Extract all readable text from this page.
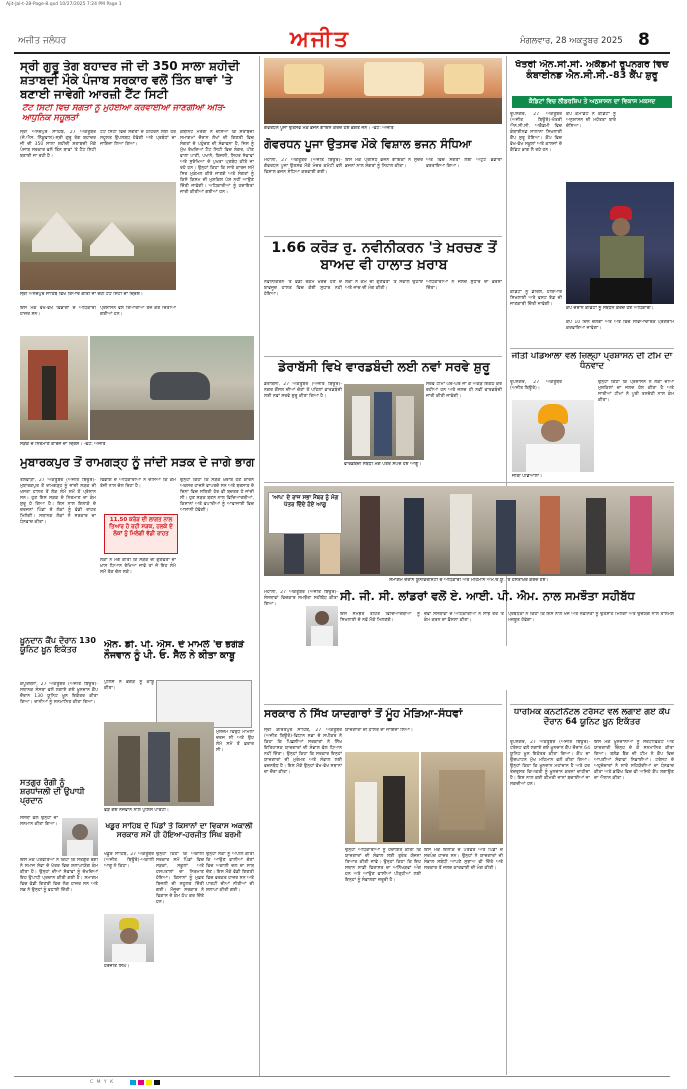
Ajit-Jal-t-28-Page-8.qxd 10/27/2025 7:24 PM Page 1
ਅਜੀਤ ਜਲੰਧਰ	ਅਜੀਤ	ਮੰਗਲਵਾਰ, 28 ਅਕਤੂਬਰ 2025 8
ਸ੍ਰੀ ਗੁਰੂ ਤੇਗ ਬਹਾਦਰ ਜੀ ਦੀ 350 ਸਾਲਾ ਸ਼ਹੀਦੀ ਸ਼ਤਾਬਦੀ ਮੌਕੇ ਪੰਜਾਬ ਸਰਕਾਰ ਵਲੋਂ ਤਿੰਨ ਥਾਵਾਂ 'ਤੇ ਬਣਾਈ ਜਾਵੇਗੀ ਆਰਜ਼ੀ ਟੈਂਟ ਸਿਟੀ
ਟੈਂਟ ਸਿਟੀ ਵਿਚ ਸੰਗਤਾਂ ਨੂੰ ਮੁਹੱਈਆ ਕਰਵਾਈਆਂ ਜਾਣਗੀਆਂ ਅਤਿ-ਆਧੁਨਿਕ ਸਹੂਲਤਾਂ
ਸ੍ਰੀ ਅਨੰਦਪੁਰ ਸਾਹਿਬ, 27 ਅਕਤੂਬਰ (ਜੇ.ਐਸ. ਨਿੱਕੂਵਾਲ)-ਸ੍ਰੀ ਗੁਰੂ ਤੇਗ ਬਹਾਦਰ ਜੀ ਦੀ 350 ਸਾਲਾ ਸ਼ਹੀਦੀ ਸ਼ਤਾਬਦੀ ਮੌਕੇ ਪੰਜਾਬ ਸਰਕਾਰ ਵਲੋਂ ਤਿੰਨ ਥਾਵਾਂ 'ਤੇ ਟੈਂਟ ਸਿਟੀ ਬਣਾਈ ਜਾ ਰਹੀ ਹੈ।
ਟੈਂਟ ਸਿਟੀ ਵਿਚ ਸੰਗਤਾਂ ਦੇ ਠਹਿਰਨ ਲਈ ਹਰ ਸਹੂਲਤ ਉਪਲਬਧ ਹੋਵੇਗੀ ਅਤੇ ਪ੍ਰਬੰਧਾਂ ਦਾ ਜਾਇਜ਼ਾ ਲਿਆ ਗਿਆ।
ਕੈਬਨਿਟ ਮੰਤਰੀ ਨੇ ਦੱਸਿਆ ਕਿ ਸ਼ਤਾਬਦੀ ਸਮਾਗਮਾਂ ਦੌਰਾਨ ਲੱਖਾਂ ਦੀ ਗਿਣਤੀ ਵਿਚ ਸੰਗਤਾਂ ਦੇ ਪਹੁੰਚਣ ਦੀ ਸੰਭਾਵਨਾ ਹੈ, ਜਿਸ ਨੂੰ ਮੁੱਖ ਰੱਖਦਿਆਂ ਟੈਂਟ ਸਿਟੀ ਵਿਚ ਲੰਗਰ, ਪੀਣ ਵਾਲਾ ਪਾਣੀ, ਪਖਾਨੇ, ਬਿਜਲੀ, ਸਿਹਤ ਸੇਵਾਵਾਂ ਅਤੇ ਸੁਰੱਖਿਆ ਦੇ ਪੁਖਤਾ ਪ੍ਰਬੰਧ ਕੀਤੇ ਜਾ ਰਹੇ ਹਨ। ਉਨ੍ਹਾਂ ਕਿਹਾ ਕਿ ਸਾਰੇ ਕਾਰਜ ਸਮੇਂ ਸਿਰ ਮੁਕੰਮਲ ਕੀਤੇ ਜਾਣਗੇ ਅਤੇ ਸੰਗਤਾਂ ਨੂੰ ਕਿਸੇ ਕਿਸਮ ਦੀ ਮੁਸ਼ਕਿਲ ਪੇਸ਼ ਨਹੀਂ ਆਉਣ ਦਿੱਤੀ ਜਾਵੇਗੀ। ਅਧਿਕਾਰੀਆਂ ਨੂੰ ਹਦਾਇਤਾਂ ਜਾਰੀ ਕੀਤੀਆਂ ਗਈਆਂ ਹਨ।
ਸ੍ਰੀ ਅਨੰਦਪੁਰ ਸਾਹਿਬ ਵਿਖੇ ਤਿਆਰ ਕੀਤੀ ਜਾ ਰਹੀ ਟੈਂਟ ਸਿਟੀ ਦਾ ਦ੍ਰਿਸ਼।
ਇਸ ਮੌਕੇ ਵੱਖ-ਵੱਖ ਵਿਭਾਗਾਂ ਦੇ ਅਧਿਕਾਰੀ ਹਾਜ਼ਰ ਸਨ।
ਪ੍ਰਸ਼ਾਸਨ ਵਲੋਂ ਤਿਆਰੀਆਂ ਤੇਜ਼ ਕਰ ਦਿੱਤੀਆਂ ਗਈਆਂ ਹਨ।
ਸੜਕ ਦੇ ਨਿਰਮਾਣ ਕਾਰਜ ਦਾ ਦ੍ਰਿਸ਼। -ਫੋਟੋ: ਅਜੀਤ
ਮੁਬਾਰਕਪੁਰ ਤੋਂ ਰਾਮਗੜ੍ਹ ਨੂੰ ਜਾਂਦੀ ਸੜਕ ਦੇ ਜਾਗੇ ਭਾਗ
ਤਲਵਾੜਾ, 27 ਅਕਤੂਬਰ (ਅਜੀਤ ਬਿਊਰੋ)-ਮੁਬਾਰਕਪੁਰ ਤੋਂ ਰਾਮਗੜ੍ਹ ਨੂੰ ਜਾਂਦੀ ਸੜਕ ਦੀ ਖਸਤਾ ਹਾਲਤ ਤੋਂ ਲੋਕ ਲੰਮੇ ਸਮੇਂ ਤੋਂ ਪ੍ਰੇਸ਼ਾਨ ਸਨ। ਹੁਣ ਇਸ ਸੜਕ ਦੇ ਨਿਰਮਾਣ ਦਾ ਕੰਮ ਸ਼ੁਰੂ ਹੋ ਗਿਆ ਹੈ। ਇਸ ਨਾਲ ਇਲਾਕੇ ਦੇ ਦਰਜਨਾਂ ਪਿੰਡਾਂ ਦੇ ਲੋਕਾਂ ਨੂੰ ਵੱਡੀ ਰਾਹਤ ਮਿਲੇਗੀ। ਸਥਾਨਕ ਲੋਕਾਂ ਨੇ ਸਰਕਾਰ ਦਾ ਧੰਨਵਾਦ ਕੀਤਾ।
ਵਿਭਾਗ ਦੇ ਅਧਿਕਾਰੀਆਂ ਨੇ ਦੱਸਿਆ ਕਿ ਕੰਮ ਤੇਜ਼ੀ ਨਾਲ ਚੱਲ ਰਿਹਾ ਹੈ।
11.50 ਕਰੋੜ ਦੀ ਲਾਗਤ ਨਾਲ ਤਿਆਰ ਹੋ ਰਹੀ ਸੜਕ, ਹਲਕੇ ਦੇ ਲੋਕਾਂ ਨੂੰ ਮਿਲੇਗੀ ਵੱਡੀ ਰਾਹਤ
ਲੋਕਾਂ ਨੇ ਮੰਗ ਕੀਤੀ ਕਿ ਸੜਕ ਦੀ ਗੁਣਵੱਤਾ ਦਾ ਖ਼ਾਸ ਧਿਆਨ ਰੱਖਿਆ ਜਾਵੇ ਤਾਂ ਜੋ ਇਹ ਲੰਮੇ ਸਮੇਂ ਤੱਕ ਚੱਲ ਸਕੇ।
ਉਨ੍ਹਾਂ ਕਿਹਾ ਕਿ ਸੜਕ ਖ਼ਰਾਬ ਹੋਣ ਕਾਰਨ ਅਕਸਰ ਹਾਦਸੇ ਵਾਪਰਦੇ ਸਨ ਅਤੇ ਬਰਸਾਤ ਦੇ ਦਿਨਾਂ ਵਿਚ ਸਥਿਤੀ ਹੋਰ ਵੀ ਬਦਤਰ ਹੋ ਜਾਂਦੀ ਸੀ। ਹੁਣ ਸੜਕ ਬਣਨ ਨਾਲ ਵਿਦਿਆਰਥੀਆਂ, ਕਿਸਾਨਾਂ ਅਤੇ ਵਪਾਰੀਆਂ ਨੂੰ ਆਵਾਜਾਈ ਵਿਚ ਆਸਾਨੀ ਹੋਵੇਗੀ।
ਖ਼ੂਨਦਾਨ ਕੈਂਪ ਦੌਰਾਨ 130 ਯੂਨਿਟ ਖ਼ੂਨ ਇਕੱਤਰ
ਕਪੂਰਥਲਾ, 27 ਅਕਤੂਬਰ (ਅਜੀਤ ਬਿਊਰੋ)-ਸਥਾਨਕ ਸੰਸਥਾ ਵਲੋਂ ਲਗਾਏ ਗਏ ਖ਼ੂਨਦਾਨ ਕੈਂਪ ਦੌਰਾਨ 130 ਯੂਨਿਟ ਖ਼ੂਨ ਇਕੱਤਰ ਕੀਤਾ ਗਿਆ। ਦਾਨੀਆਂ ਨੂੰ ਸਨਮਾਨਿਤ ਕੀਤਾ ਗਿਆ।
ਸਤਗੁਰ ਰੰਗੀ ਨੂੰ ਸ਼ਰਧਾਂਜਲੀ ਦੀ ਉਪਾਧੀ ਪ੍ਰਦਾਨ
ਸੰਸਥਾ ਵਲੋਂ ਉਨ੍ਹਾਂ ਦਾ ਸਨਮਾਨ ਕੀਤਾ ਗਿਆ।
ਇਸ ਮੌਕੇ ਪਤਵੰਤਿਆਂ ਨੇ ਕਿਹਾ ਕਿ ਸਤਗੁਰ ਰੰਗੀ ਨੇ ਸਮਾਜ ਸੇਵਾ ਦੇ ਖੇਤਰ ਵਿਚ ਸ਼ਲਾਘਾਯੋਗ ਕੰਮ ਕੀਤਾ ਹੈ। ਉਨ੍ਹਾਂ ਦੀਆਂ ਸੇਵਾਵਾਂ ਨੂੰ ਦੇਖਦਿਆਂ ਇਹ ਉਪਾਧੀ ਪ੍ਰਦਾਨ ਕੀਤੀ ਗਈ ਹੈ। ਸਮਾਗਮ ਵਿਚ ਵੱਡੀ ਗਿਣਤੀ ਵਿਚ ਲੋਕ ਹਾਜ਼ਰ ਸਨ ਅਤੇ ਸਭ ਨੇ ਉਨ੍ਹਾਂ ਨੂੰ ਵਧਾਈ ਦਿੱਤੀ।
ਐਨ. ਡੀ. ਪੀ. ਐਸ. ਦੇ ਮਾਮਲੇ 'ਚ ਭਗੌੜੇ ਨੌਜਵਾਨ ਨੂੰ ਪੀ. ਓ. ਸੈੱਲ ਨੇ ਕੀਤਾ ਕਾਬੂ
ਪੁਲਿਸ ਨੇ ਭਗੌੜੇ ਨੂੰ ਕਾਬੂ ਕੀਤਾ।
ਫੜੇ ਗਏ ਨੌਜਵਾਨ ਨਾਲ ਪੁਲਿਸ ਪਾਰਟੀ।
ਮੁਲਜ਼ਮ ਵਿਰੁੱਧ ਮਾਮਲਾ ਦਰਜ ਸੀ ਅਤੇ ਉਹ ਲੰਮੇ ਸਮੇਂ ਤੋਂ ਫ਼ਰਾਰ ਸੀ।
ਖਡੂਰ ਸਾਹਿਬ ਦੇ ਪਿੰਡਾਂ ਤੇ ਕਿਸਾਨਾਂ ਦਾ ਵਿਕਾਸ ਅਕਾਲੀ ਸਰਕਾਰ ਸਮੇਂ ਹੀ ਹੋਇਆ-ਹਰਜੀਤ ਸਿੰਘ ਬਰਮੀ
ਖਡੂਰ ਸਾਹਿਬ, 27 ਅਕਤੂਬਰ (ਅਜੀਤ ਬਿਊਰੋ)-ਅਕਾਲੀ ਆਗੂ ਨੇ ਕਿਹਾ।
ਹਰਜੀਤ ਸਿੰਘ।
ਉਨ੍ਹਾਂ ਕਿਹਾ ਕਿ ਅਕਾਲੀ ਸਰਕਾਰ ਸਮੇਂ ਪਿੰਡਾਂ ਵਿਚ ਸੜਕਾਂ, ਸਕੂਲਾਂ ਅਤੇ ਹਸਪਤਾਲਾਂ ਦਾ ਨਿਰਮਾਣ ਹੋਇਆ। ਕਿਸਾਨਾਂ ਨੂੰ ਮੁਫ਼ਤ ਬਿਜਲੀ ਦੀ ਸਹੂਲਤ ਦਿੱਤੀ ਗਈ। ਮੌਜੂਦਾ ਸਰਕਾਰ ਨੇ ਵਿਕਾਸ ਦੇ ਕੰਮ ਠੱਪ ਕਰ ਦਿੱਤੇ ਹਨ।
ਉਨ੍ਹਾਂ ਲੋਕਾਂ ਨੂੰ ਅਪੀਲ ਕੀਤੀ ਕਿ ਆਉਣ ਵਾਲੀਆਂ ਚੋਣਾਂ ਵਿਚ ਅਕਾਲੀ ਦਲ ਦਾ ਸਾਥ ਦੇਣ। ਇਸ ਮੌਕੇ ਵੱਡੀ ਗਿਣਤੀ ਵਿਚ ਵਰਕਰ ਹਾਜ਼ਰ ਸਨ ਅਤੇ ਪਾਰਟੀ ਦੀਆਂ ਨੀਤੀਆਂ ਦੀ ਸ਼ਲਾਘਾ ਕੀਤੀ ਗਈ।
ਗੋਵਰਧਨ ਪੂਜਾ ਉਤਸਵ ਮੌਕੇ ਭਜਨ ਗਾਇਨ ਕਰਦੇ ਹੋਏ ਭਗਤ ਜਨ। -ਫੋਟੋ: ਅਜੀਤ
ਗੋਵਰਧਨ ਪੂਜਾ ਉਤਸਵ ਮੌਕੇ ਵਿਸ਼ਾਲ ਭਜਨ ਸੰਧਿਆ
ਮੋਹਾਲੀ, 27 ਅਕਤੂਬਰ (ਅਜੀਤ ਬਿਊਰੋ)-ਗੋਵਰਧਨ ਪੂਜਾ ਉਤਸਵ ਮੌਕੇ ਮੰਦਰ ਕਮੇਟੀ ਵਲੋਂ ਵਿਸ਼ਾਲ ਭਜਨ ਸੰਧਿਆ ਕਰਵਾਈ ਗਈ।
ਇਸ ਮੌਕੇ ਪ੍ਰਸਿੱਧ ਭਜਨ ਗਾਇਕਾਂ ਨੇ ਸੁੰਦਰ ਭਜਨਾਂ ਨਾਲ ਸੰਗਤਾਂ ਨੂੰ ਨਿਹਾਲ ਕੀਤਾ।
ਅੰਤ ਵਿਚ ਸੰਗਤਾਂ ਲਈ ਅਟੁੱਟ ਭੰਡਾਰਾ ਵਰਤਾਇਆ ਗਿਆ।
1.66 ਕਰੋੜ ਰੁ. ਨਵੀਨੀਕਰਨ 'ਤੇ ਖ਼ਰਚਣ ਤੋਂ ਬਾਅਦ ਵੀ ਹਾਲਾਤ ਖ਼ਰਾਬ
ਨਵੀਨੀਕਰਨ 'ਤੇ ਵੱਡੀ ਰਕਮ ਖ਼ਰਚ ਹੋਣ ਦੇ ਬਾਵਜੂਦ ਹਾਲਤ ਵਿਚ ਕੋਈ ਸੁਧਾਰ ਨਹੀਂ ਹੋਇਆ।
ਲੋਕਾਂ ਨੇ ਕੰਮ ਦੀ ਗੁਣਵੱਤਾ 'ਤੇ ਸਵਾਲ ਉਠਾਏ ਅਤੇ ਜਾਂਚ ਦੀ ਮੰਗ ਕੀਤੀ।
ਅਧਿਕਾਰੀਆਂ ਨੇ ਜਲਦ ਸੁਧਾਰ ਦਾ ਭਰੋਸਾ ਦਿੱਤਾ।
ਡੇਰਾਬੱਸੀ ਵਿਖੇ ਵਾਰਡਬੰਦੀ ਲਈ ਨਵਾਂ ਸਰਵੇ ਸ਼ੁਰੂ
ਡੇਰਾਬੱਸੀ, 27 ਅਕਤੂਬਰ (ਅਜੀਤ ਬਿਊਰੋ)-ਨਗਰ ਕੌਂਸਲ ਦੀਆਂ ਚੋਣਾਂ ਤੋਂ ਪਹਿਲਾਂ ਵਾਰਡਬੰਦੀ ਲਈ ਨਵਾਂ ਸਰਵੇ ਸ਼ੁਰੂ ਕੀਤਾ ਗਿਆ ਹੈ।
ਵਾਰਡਬੰਦੀ ਸਬੰਧੀ ਮੰਗ ਪੱਤਰ ਸੌਂਪਦੇ ਹੋਏ ਆਗੂ।
ਸਰਵੇ ਟੀਮਾਂ ਘਰ-ਘਰ ਜਾ ਕੇ ਅੰਕੜੇ ਇਕੱਠੇ ਕਰ ਰਹੀਆਂ ਹਨ ਅਤੇ ਜਲਦ ਹੀ ਨਵੀਂ ਵਾਰਡਬੰਦੀ ਜਾਰੀ ਕੀਤੀ ਜਾਵੇਗੀ।
'ਆਪ' ਦੇ ਰਾਜ ਸਭਾ ਮੈਂਬਰ ਨੂੰ ਮੰਗ ਪੱਤਰ ਦਿੰਦੇ ਹੋਏ ਆਗੂ
ਸਮਾਗਮ ਦੌਰਾਨ ਯੂਨੀਵਰਸਿਟੀ ਦੇ ਅਧਿਕਾਰੀ ਅਤੇ ਮਹਿਮਾਨ ਐਮ.ਓ.ਯੂ. 'ਤੇ ਹਸਤਾਖ਼ਰ ਕਰਦੇ ਹੋਏ।
ਸੀ. ਜੀ. ਸੀ. ਲਾਂਡਰਾਂ ਵਲੋਂ ਏ. ਆਈ. ਪੀ. ਐਮ. ਨਾਲ ਸਮਝੌਤਾ ਸਹੀਬੱਧ
ਮੋਹਾਲੀ, 27 ਅਕਤੂਬਰ (ਅਜੀਤ ਬਿਊਰੋ)-ਸੰਸਥਾਵਾਂ ਵਿਚਕਾਰ ਸਮਝੌਤਾ ਸਹੀਬੱਧ ਕੀਤਾ ਗਿਆ।
ਇਸ ਸਮਝੌਤੇ ਤਹਿਤ ਵਿਦਿਆਰਥੀਆਂ ਨੂੰ ਸਿਖਲਾਈ ਦੇ ਨਵੇਂ ਮੌਕੇ ਮਿਲਣਗੇ।
ਦੋਵਾਂ ਸੰਸਥਾਵਾਂ ਦੇ ਅਧਿਕਾਰੀਆਂ ਨੇ ਸਾਂਝੇ ਤੌਰ 'ਤੇ ਕੰਮ ਕਰਨ ਦਾ ਫ਼ੈਸਲਾ ਕੀਤਾ।
ਪ੍ਰਬੰਧਕਾਂ ਨੇ ਕਿਹਾ ਕਿ ਇਸ ਨਾਲ ਖੋਜ ਅਤੇ ਨਵੀਨਤਾ ਨੂੰ ਉਤਸ਼ਾਹ ਮਿਲੇਗਾ ਅਤੇ ਉਦਯੋਗ ਨਾਲ ਤਾਲਮੇਲ ਮਜ਼ਬੂਤ ਹੋਵੇਗਾ।
ਸਰਕਾਰ ਨੇ ਸਿੱਖ ਯਾਦਗਾਰਾਂ ਤੋਂ ਮੂੰਹ ਮੋੜਿਆ-ਸੰਧਵਾਂ
ਸ੍ਰੀ ਕੀਰਤਪੁਰ ਸਾਹਿਬ, 27 ਅਕਤੂਬਰ (ਅਜੀਤ ਬਿਊਰੋ)-ਵਿਧਾਨ ਸਭਾ ਦੇ ਸਪੀਕਰ ਨੇ ਕਿਹਾ ਕਿ ਪਿਛਲੀਆਂ ਸਰਕਾਰਾਂ ਨੇ ਸਿੱਖ ਇਤਿਹਾਸਕ ਯਾਦਗਾਰਾਂ ਦੀ ਸੰਭਾਲ ਵੱਲ ਧਿਆਨ ਨਹੀਂ ਦਿੱਤਾ। ਉਨ੍ਹਾਂ ਕਿਹਾ ਕਿ ਸਰਕਾਰ ਇਨ੍ਹਾਂ ਯਾਦਗਾਰਾਂ ਦੀ ਮੁਰੰਮਤ ਅਤੇ ਸੰਭਾਲ ਲਈ ਵਚਨਬੱਧ ਹੈ। ਇਸ ਮੌਕੇ ਉਨ੍ਹਾਂ ਵੱਖ-ਵੱਖ ਸਥਾਨਾਂ ਦਾ ਦੌਰਾ ਕੀਤਾ।
ਯਾਦਗਾਰਾਂ ਦੀ ਹਾਲਤ ਦਾ ਜਾਇਜ਼ਾ ਲਿਆ।
ਉਨ੍ਹਾਂ ਅਧਿਕਾਰੀਆਂ ਨੂੰ ਹਦਾਇਤ ਕੀਤੀ ਕਿ ਯਾਦਗਾਰਾਂ ਦੀ ਸੰਭਾਲ ਲਈ ਤੁਰੰਤ ਯੋਜਨਾ ਤਿਆਰ ਕੀਤੀ ਜਾਵੇ। ਉਨ੍ਹਾਂ ਕਿਹਾ ਕਿ ਇਹ ਸਥਾਨ ਸਾਡੀ ਵਿਰਾਸਤ ਦਾ ਅਨਿੱਖੜਵਾਂ ਅੰਗ ਹਨ ਅਤੇ ਆਉਣ ਵਾਲੀਆਂ ਪੀੜ੍ਹੀਆਂ ਲਈ ਇਨ੍ਹਾਂ ਨੂੰ ਸੰਭਾਲਣਾ ਜ਼ਰੂਰੀ ਹੈ।
ਇਸ ਮੌਕੇ ਇਲਾਕੇ ਦੇ ਪਤਵੰਤੇ ਅਤੇ ਪਿੰਡਾਂ ਦੇ ਸਰਪੰਚ ਹਾਜ਼ਰ ਸਨ। ਉਨ੍ਹਾਂ ਨੇ ਯਾਦਗਾਰਾਂ ਦੀ ਸੰਭਾਲ ਸਬੰਧੀ ਆਪਣੇ ਸੁਝਾਅ ਵੀ ਦਿੱਤੇ ਅਤੇ ਸਰਕਾਰ ਤੋਂ ਜਲਦ ਕਾਰਵਾਈ ਦੀ ਮੰਗ ਕੀਤੀ।
ਖੱਤਰੀ ਐਨ.ਸੀ.ਸੀ. ਅਕੈਡਮੀ ਰੂਪਨਗਰ ਵਿਚ ਕੰਬਾਈਨਡ ਐਨ.ਸੀ.ਸੀ.-83 ਕੈਂਪ ਸ਼ੁਰੂ
ਕੈਡਿਟਾਂ ਵਿਚ ਲੀਡਰਸ਼ਿਪ ਤੇ ਅਨੁਸ਼ਾਸਨ ਦਾ ਵਿਕਾਸ ਮਕਸਦ
ਰੂਪਨਗਰ, 27 ਅਕਤੂਬਰ (ਅਜੀਤ ਬਿਊਰੋ)-ਖੱਤਰੀ ਐਨ.ਸੀ.ਸੀ. ਅਕੈਡਮੀ ਵਿਚ ਕੰਬਾਈਨਡ ਸਾਲਾਨਾ ਸਿਖਲਾਈ ਕੈਂਪ ਸ਼ੁਰੂ ਹੋਇਆ। ਕੈਂਪ ਵਿਚ ਵੱਖ-ਵੱਖ ਸਕੂਲਾਂ ਅਤੇ ਕਾਲਜਾਂ ਦੇ ਕੈਡਿਟ ਭਾਗ ਲੈ ਰਹੇ ਹਨ।
ਕੈਂਪ ਕਮਾਂਡੈਂਟ ਨੇ ਕੈਡਿਟਾਂ ਨੂੰ ਅਨੁਸ਼ਾਸਨ ਦੀ ਮਹੱਤਤਾ ਬਾਰੇ ਦੱਸਿਆ।
ਕੈਂਪ ਦੌਰਾਨ ਕੈਡਿਟਾਂ ਨੂੰ ਸੰਬੋਧਨ ਕਰਦੇ ਹੋਏ ਅਧਿਕਾਰੀ।
ਕੈਡਿਟਾਂ ਨੂੰ ਡਰਿੱਲ, ਹਥਿਆਰ ਸਿਖਲਾਈ ਅਤੇ ਫਸਟ ਏਡ ਦੀ ਜਾਣਕਾਰੀ ਦਿੱਤੀ ਜਾਵੇਗੀ।
ਕੈਂਪ 10 ਦਿਨ ਚੱਲੇਗਾ ਅਤੇ ਅੰਤ ਵਿਚ ਸਭਿਆਚਾਰਕ ਪ੍ਰੋਗਰਾਮ ਕਰਵਾਇਆ ਜਾਵੇਗਾ।
ਜੀਤੀ ਪਡਿਆਲਾ ਵਲੋਂ ਜ਼ਿਲ੍ਹਾ ਪ੍ਰਸ਼ਾਸਨ ਦੀ ਟੀਮ ਦਾ ਧੰਨਵਾਦ
ਰੂਪਨਗਰ, 27 ਅਕਤੂਬਰ (ਅਜੀਤ ਬਿਊਰੋ)।
ਜੀਤੀ ਪਡਿਆਲਾ।
ਉਨ੍ਹਾਂ ਕਿਹਾ ਕਿ ਪ੍ਰਸ਼ਾਸਨ ਨੇ ਲੋਕਾਂ ਦੀਆਂ ਮੁਸ਼ਕਿਲਾਂ ਦਾ ਜਲਦ ਹੱਲ ਕੀਤਾ ਹੈ ਅਤੇ ਸਾਰੀਆਂ ਟੀਮਾਂ ਨੇ ਪੂਰੀ ਤਨਦੇਹੀ ਨਾਲ ਕੰਮ ਕੀਤਾ।
ਧਾਰਮਿਕ ਕੋਨਟੀਨੈਂਟਲ ਟਰੱਸਟ ਵਲੋਂ ਲਗਾਏ ਗਏ ਕੈਂਪ ਦੌਰਾਨ 64 ਯੂਨਿਟ ਖ਼ੂਨ ਇਕੱਤਰ
ਰੂਪਨਗਰ, 27 ਅਕਤੂਬਰ (ਅਜੀਤ ਬਿਊਰੋ)-ਟਰੱਸਟ ਵਲੋਂ ਲਗਾਏ ਗਏ ਖ਼ੂਨਦਾਨ ਕੈਂਪ ਦੌਰਾਨ 64 ਯੂਨਿਟ ਖ਼ੂਨ ਇਕੱਤਰ ਕੀਤਾ ਗਿਆ। ਕੈਂਪ ਦਾ ਉਦਘਾਟਨ ਮੁੱਖ ਮਹਿਮਾਨ ਵਲੋਂ ਕੀਤਾ ਗਿਆ। ਉਨ੍ਹਾਂ ਕਿਹਾ ਕਿ ਖ਼ੂਨਦਾਨ ਮਹਾਂਦਾਨ ਹੈ ਅਤੇ ਹਰ ਤੰਦਰੁਸਤ ਵਿਅਕਤੀ ਨੂੰ ਖ਼ੂਨਦਾਨ ਕਰਨਾ ਚਾਹੀਦਾ ਹੈ। ਇਸ ਨਾਲ ਕਈ ਕੀਮਤੀ ਜਾਨਾਂ ਬਚਾਈਆਂ ਜਾ ਸਕਦੀਆਂ ਹਨ।
ਇਸ ਮੌਕੇ ਖ਼ੂਨਦਾਨੀਆਂ ਨੂੰ ਸਰਟੀਫਿਕੇਟ ਅਤੇ ਯਾਦਗਾਰੀ ਚਿੰਨ੍ਹ ਦੇ ਕੇ ਸਨਮਾਨਿਤ ਕੀਤਾ ਗਿਆ। ਬਲੱਡ ਬੈਂਕ ਦੀ ਟੀਮ ਨੇ ਕੈਂਪ ਵਿਚ ਆਪਣੀਆਂ ਸੇਵਾਵਾਂ ਨਿਭਾਈਆਂ। ਟਰੱਸਟ ਦੇ ਅਹੁਦੇਦਾਰਾਂ ਨੇ ਸਾਰੇ ਸਹਿਯੋਗੀਆਂ ਦਾ ਧੰਨਵਾਦ ਕੀਤਾ ਅਤੇ ਭਵਿੱਖ ਵਿਚ ਵੀ ਅਜਿਹੇ ਕੈਂਪ ਲਗਾਉਣ ਦਾ ਐਲਾਨ ਕੀਤਾ।
C M Y K
